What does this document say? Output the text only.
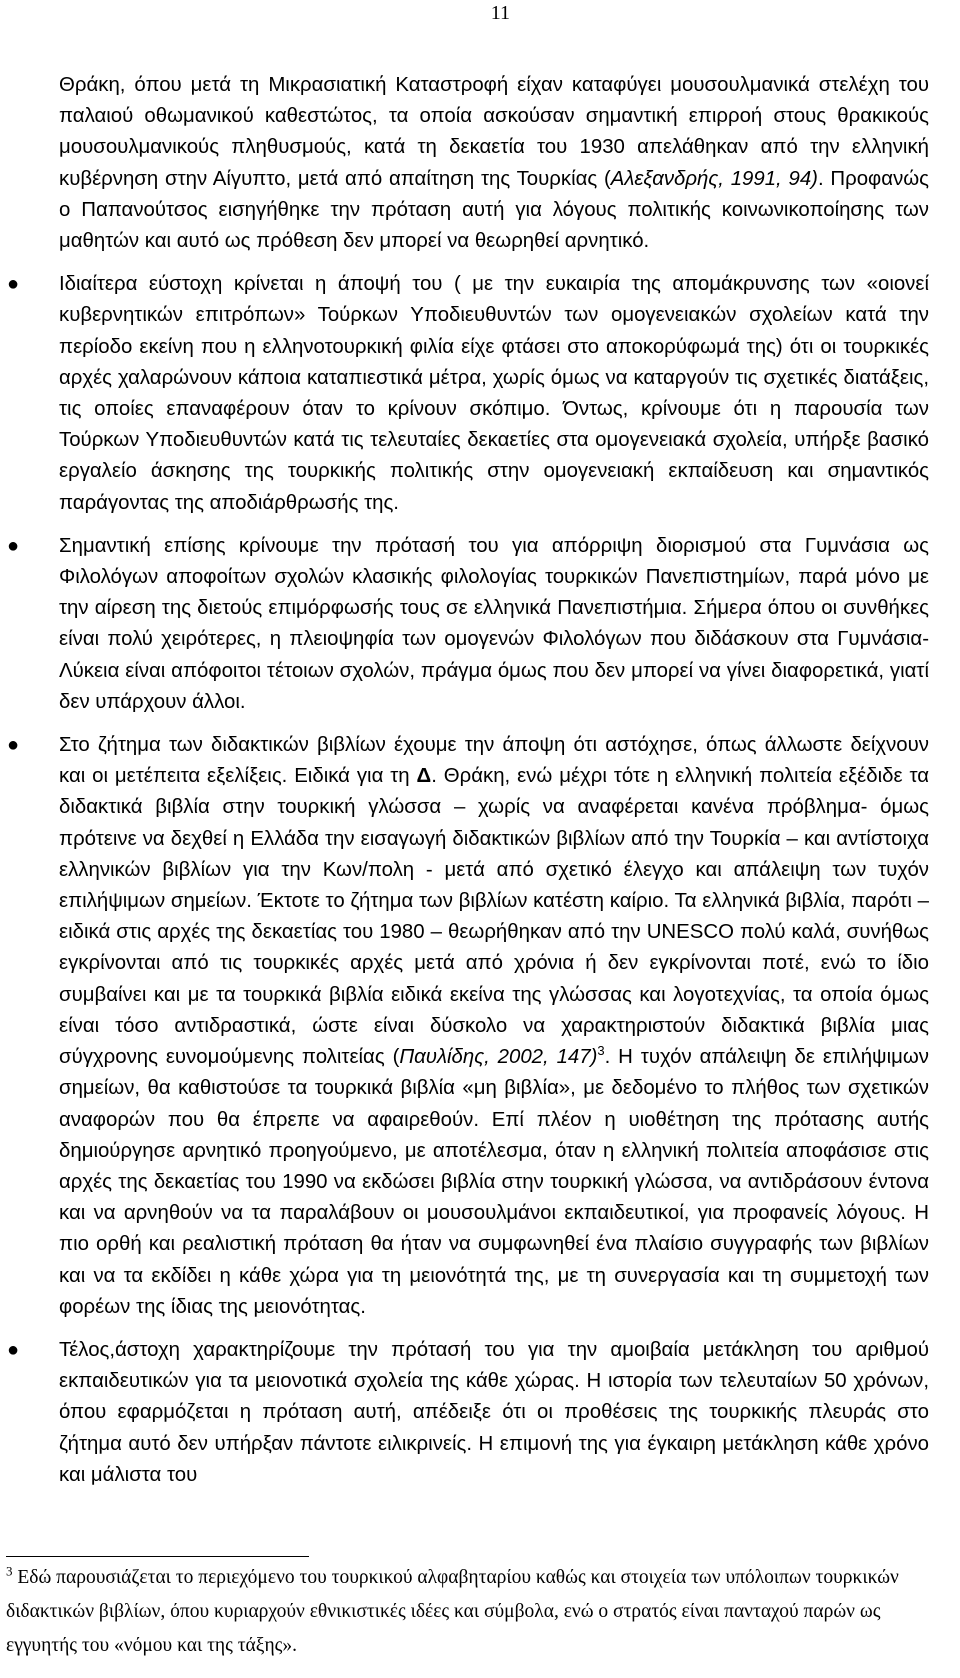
11

Θράκη, όπου μετά τη Μικρασιατική Καταστροφή είχαν καταφύγει μουσουλμανικά στελέχη του παλαιού οθωμανικού καθεστώτος, τα οποία ασκούσαν σημαντική επιρροή στους θρακικούς μουσουλμανικούς πληθυσμούς, κατά τη δεκαετία του 1930 απελάθηκαν από την ελληνική κυβέρνηση στην Αίγυπτο, μετά από απαίτηση της Τουρκίας (Αλεξανδρής, 1991, 94). Προφανώς ο Παπανούτσος εισηγήθηκε την πρόταση αυτή για λόγους πολιτικής κοινωνικοποίησης των μαθητών και αυτό ως πρόθεση δεν μπορεί να θεωρηθεί αρνητικό.

● Ιδιαίτερα εύστοχη κρίνεται η άποψή του ( με την ευκαιρία της απομάκρυνσης των «οιονεί κυβερνητικών επιτρόπων» Τούρκων Υποδιευθυντών των ομογενειακών σχολείων κατά την περίοδο εκείνη που η ελληνοτουρκική φιλία είχε φτάσει στο αποκορύφωμά της) ότι οι τουρκικές αρχές χαλαρώνουν κάποια καταπιεστικά μέτρα, χωρίς όμως να καταργούν τις σχετικές διατάξεις, τις οποίες επαναφέρουν όταν το κρίνουν σκόπιμο. Όντως, κρίνουμε ότι η παρουσία των Τούρκων Υποδιευθυντών κατά τις τελευταίες δεκαετίες στα ομογενειακά σχολεία, υπήρξε βασικό εργαλείο άσκησης της τουρκικής πολιτικής στην ομογενειακή εκπαίδευση και σημαντικός παράγοντας της αποδιάρθρωσής της.

● Σημαντική επίσης κρίνουμε την πρότασή του για απόρριψη διορισμού στα Γυμνάσια ως Φιλολόγων αποφοίτων σχολών κλασικής φιλολογίας τουρκικών Πανεπιστημίων, παρά μόνο με την αίρεση της διετούς επιμόρφωσής τους σε ελληνικά Πανεπιστήμια. Σήμερα όπου οι συνθήκες είναι πολύ χειρότερες, η πλειοψηφία των ομογενών Φιλολόγων που διδάσκουν στα Γυμνάσια-Λύκεια είναι απόφοιτοι τέτοιων σχολών, πράγμα όμως που δεν μπορεί να γίνει διαφορετικά, γιατί δεν υπάρχουν άλλοι.

● Στο ζήτημα των διδακτικών βιβλίων έχουμε την άποψη ότι αστόχησε, όπως άλλωστε δείχνουν και οι μετέπειτα εξελίξεις. Ειδικά για τη Δ. Θράκη, ενώ μέχρι τότε η ελληνική πολιτεία εξέδιδε τα διδακτικά βιβλία στην τουρκική γλώσσα – χωρίς να αναφέρεται κανένα πρόβλημα- όμως πρότεινε να δεχθεί η Ελλάδα την εισαγωγή διδακτικών βιβλίων από την Τουρκία – και αντίστοιχα ελληνικών βιβλίων για την Κων/πολη - μετά από σχετικό έλεγχο και απάλειψη των τυχόν επιλήψιμων σημείων. Έκτοτε το ζήτημα των βιβλίων κατέστη καίριο. Τα ελληνικά βιβλία, παρότι – ειδικά στις αρχές της δεκαετίας του 1980 – θεωρήθηκαν από την UNESCO πολύ καλά, συνήθως εγκρίνονται από τις τουρκικές αρχές μετά από χρόνια ή δεν εγκρίνονται ποτέ, ενώ το ίδιο συμβαίνει και με τα τουρκικά βιβλία ειδικά εκείνα της γλώσσας και λογοτεχνίας, τα οποία όμως είναι τόσο αντιδραστικά, ώστε είναι δύσκολο να χαρακτηριστούν διδακτικά βιβλία μιας σύγχρονης ευνομούμενης πολιτείας (Παυλίδης, 2002, 147)$^3$. Η τυχόν απάλειψη δε επιλήψιμων σημείων, θα καθιστούσε τα τουρκικά βιβλία «μη βιβλία», με δεδομένο το πλήθος των σχετικών αναφορών που θα έπρεπε να αφαιρεθούν. Επί πλέον η υιοθέτηση της πρότασης αυτής δημιούργησε αρνητικό προηγούμενο, με αποτέλεσμα, όταν η ελληνική πολιτεία αποφάσισε στις αρχές της δεκαετίας του 1990 να εκδώσει βιβλία στην τουρκική γλώσσα, να αντιδράσουν έντονα και να αρνηθούν να τα παραλάβουν οι μουσουλμάνοι εκπαιδευτικοί, για προφανείς λόγους. Η πιο ορθή και ρεαλιστική πρόταση θα ήταν να συμφωνηθεί ένα πλαίσιο συγγραφής των βιβλίων και να τα εκδίδει η κάθε χώρα για τη μειονότητά της, με τη συνεργασία και τη συμμετοχή των φορέων της ίδιας της μειονότητας.

● Τέλος,άστοχη χαρακτηρίζουμε την πρότασή του για την αμοιβαία μετάκληση του αριθμού εκπαιδευτικών για τα μειονοτικά σχολεία της κάθε χώρας. Η ιστορία των τελευταίων 50 χρόνων, όπου εφαρμόζεται η πρόταση αυτή, απέδειξε ότι οι προθέσεις της τουρκικής πλευράς στο ζήτημα αυτό δεν υπήρξαν πάντοτε ειλικρινείς. Η επιμονή της για έγκαιρη μετάκληση κάθε χρόνο και μάλιστα του

$^3$ Εδώ παρουσιάζεται το περιεχόμενο του τουρκικού αλφαβηταρίου καθώς και στοιχεία των υπόλοιπων τουρκικών διδακτικών βιβλίων, όπου κυριαρχούν εθνικιστικές ιδέες και σύμβολα, ενώ ο στρατός είναι πανταχού παρών ως εγγυητής του «νόμου και της τάξης».
